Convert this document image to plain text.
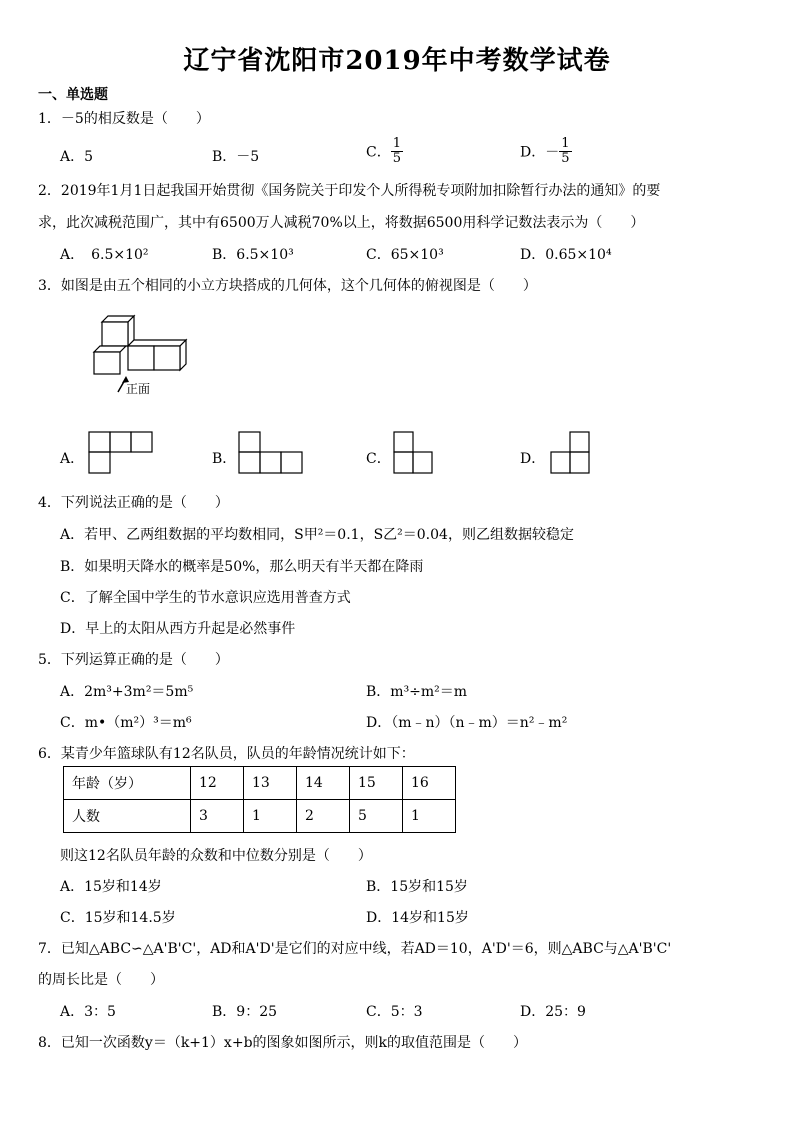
辽宁省沈阳市2019年中考数学试卷
一、单选题
1．－5的相反数是（　　）
A．5	B．－5	C． $\frac{1}{5}$	D．－ $\frac{1}{5}$
2．2019年1月1日起我国开始贯彻《国务院关于印发个人所得税专项附加扣除暂行办法的通知》的要
求，此次减税范围广，其中有6500万人减税70%以上，将数据6500用科学记数法表示为（　　）
A．　6.5×10²	B．6.5×10³	C．65×10³	D．0.65×10⁴
3．如图是由五个相同的小立方块搭成的几何体，这个几何体的俯视图是（　　）
正面
A．	B．	C．	D．
4．下列说法正确的是（　　）
A．若甲、乙两组数据的平均数相同，S甲²＝0.1，S乙²＝0.04，则乙组数据较稳定
B．如果明天降水的概率是50%，那么明天有半天都在降雨
C．了解全国中学生的节水意识应选用普查方式
D．早上的太阳从西方升起是必然事件
5．下列运算正确的是（　　）
A．2m³+3m²＝5m⁵	B．m³÷m²＝m
C．m•（m²）³＝m⁶	D．（m﹣n）（n﹣m）＝n²﹣m²
6．某青少年篮球队有12名队员，队员的年龄情况统计如下：
年龄（岁）	12	13	14	15	16
人数	3	1	2	5	1
则这12名队员年龄的众数和中位数分别是（　　）
A．15岁和14岁	B．15岁和15岁
C．15岁和14.5岁	D．14岁和15岁
7．已知△ABC∽△A'B'C'，AD和A'D'是它们的对应中线，若AD＝10，A'D'＝6，则△ABC与△A'B'C'
的周长比是（　　）
A．3：5	B．9：25	C．5：3	D．25：9
8．已知一次函数y＝（k+1）x+b的图象如图所示，则k的取值范围是（　　）
